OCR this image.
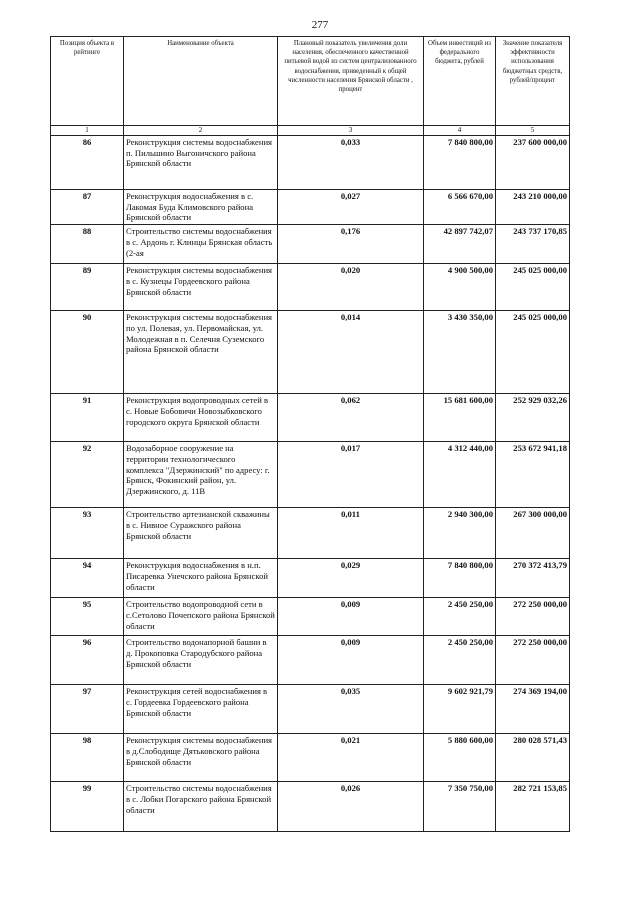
277
Позиция объекта в рейтинге	Наименование объекта	Плановый показатель увеличения доли населения, обеспеченного качественной питьевой водой из систем централизованного водоснабжения, приведенный к общей численности населения Брянской области , процент	Объем инвестиций из федерального бюджета, рублей	Значение показателя эффективности использования бюджетных средств, рублей/процент
1	2	3	4	5
86	Реконструкция системы водоснабжения п. Пильшино Выгоничского района Брянской области	0,033	7 840 800,00	237 600 000,00
87	Реконструкция водоснабжения в с. Лакомая Буда Климовского района Брянской области	0,027	6 566 670,00	243 210 000,00
88	Строительство системы водоснабжения в с. Ардонь г. Клинцы Брянская область (2-ая	0,176	42 897 742,07	243 737 170,85
89	Реконструкция системы водоснабжения в с. Кузнецы Гордеевского района Брянской области	0,020	4 900 500,00	245 025 000,00
90	Реконструкция системы водоснабжения по ул. Полевая, ул. Первомайская, ул. Молодежная в п. Селечня Суземского района Брянской области	0,014	3 430 350,00	245 025 000,00
91	Реконструкция водопроводных сетей в с. Новые Бобовичи Новозыбковского городского округа Брянской области	0,062	15 681 600,00	252 929 032,26
92	Водозаборное сооружение на территории технологического комплекса "Дзержинский" по адресу: г. Брянск, Фокинский район, ул. Дзержинского, д. 11В	0,017	4 312 440,00	253 672 941,18
93	Строительство артезианской скважины в с. Нивное Суражского района Брянской области	0,011	2 940 300,00	267 300 000,00
94	Реконструкция водоснабжения в н.п. Писаревка Унечского района Брянской области	0,029	7 840 800,00	270 372 413,79
95	Строительство водопроводной сети в с.Сетолово Почепского района Брянской области	0,009	2 450 250,00	272 250 000,00
96	Строительство водонапорной башни в д. Прокоповка Стародубского района Брянской области	0,009	2 450 250,00	272 250 000,00
97	Реконструкция сетей водоснабжения в с. Гордеевка Гордеевского района Брянской области	0,035	9 602 921,79	274 369 194,00
98	Реконструкция системы водоснабжения в д.Слободище Дятьковского района Брянской области	0,021	5 880 600,00	280 028 571,43
99	Строительство системы водоснабжения в с. Лобки Погарского района Брянской области	0,026	7 350 750,00	282 721 153,85
